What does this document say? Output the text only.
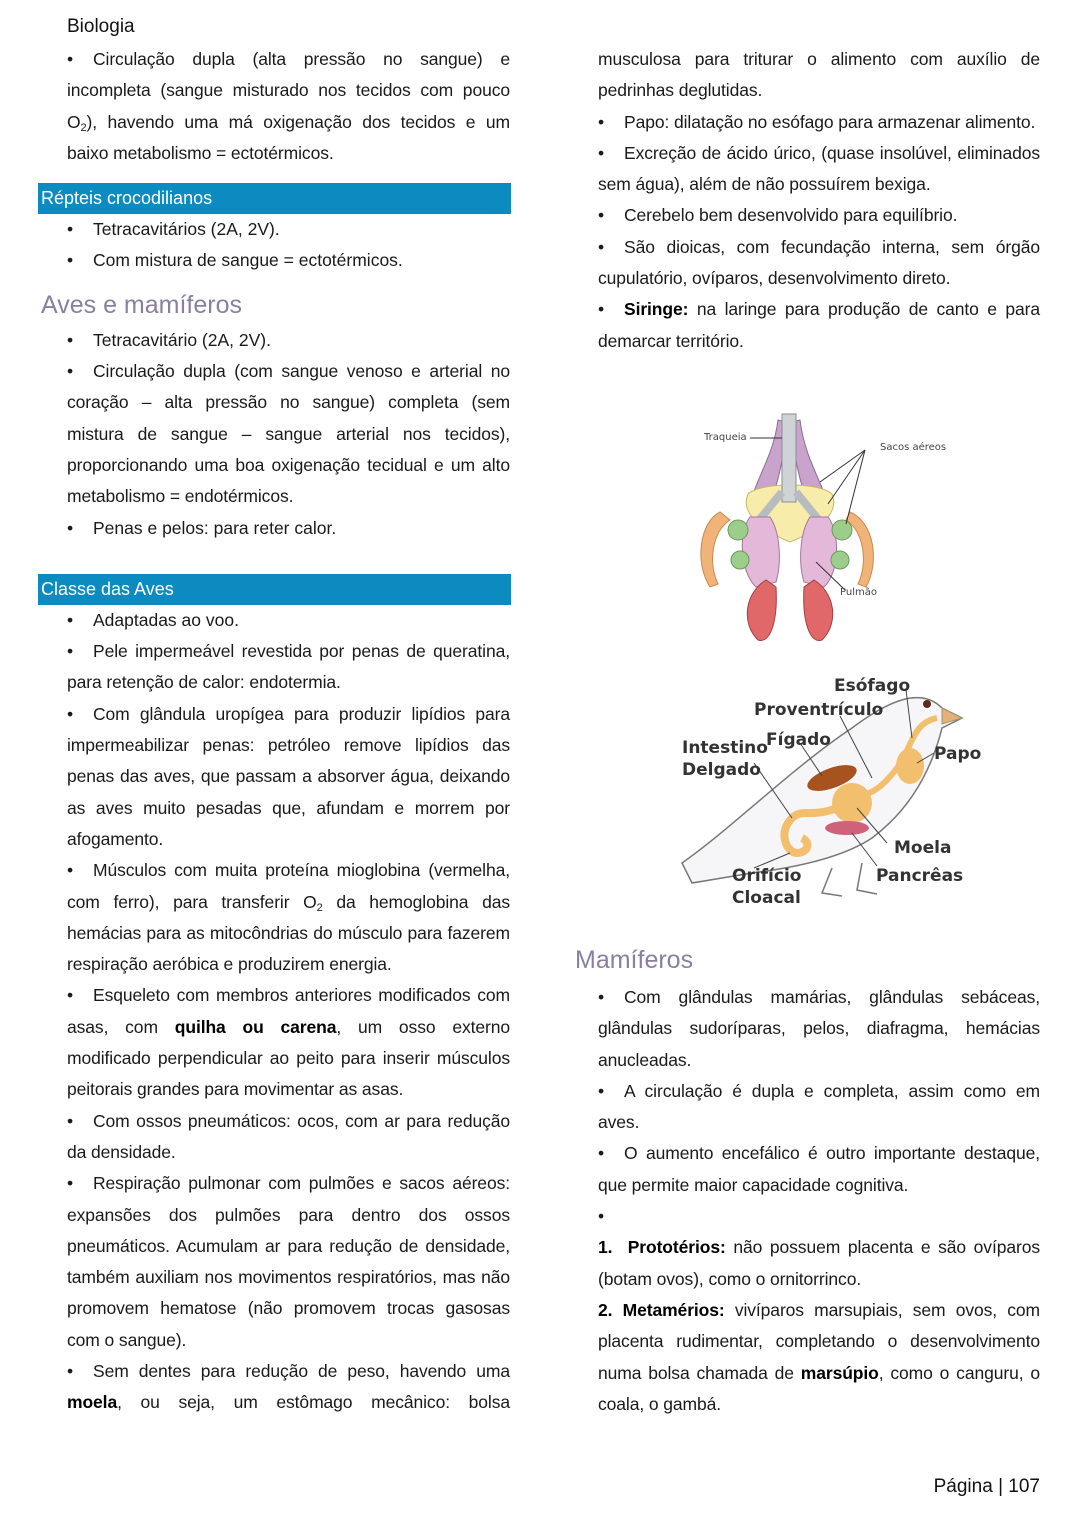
Biologia

• Circulação dupla (alta pressão no sangue) e incompleta (sangue misturado nos tecidos com pouco $O_2$), havendo uma má oxigenação dos tecidos e um baixo metabolismo = ectotérmicos.

Répteis crocodilianos

• Tetracavitários (2A, 2V).

• Com mistura de sangue = ectotérmicos.

Aves e mamíferos

• Tetracavitário (2A, 2V).

• Circulação dupla (com sangue venoso e arterial no coração – alta pressão no sangue) completa (sem mistura de sangue – sangue arterial nos tecidos), proporcionando uma boa oxigenação tecidual e um alto metabolismo = endotérmicos.

• Penas e pelos: para reter calor.

Classe das Aves

• Adaptadas ao voo.

• Pele impermeável revestida por penas de queratina, para retenção de calor: endotermia.

• Com glândula uropígea para produzir lipídios para impermeabilizar penas: petróleo remove lipídios das penas das aves, que passam a absorver água, deixando as aves muito pesadas que, afundam e morrem por afogamento.

• Músculos com muita proteína mioglobina (vermelha, com ferro), para transferir $O_2$ da hemoglobina das hemácias para as mitocôndrias do músculo para fazerem respiração aeróbica e produzirem energia.

• Esqueleto com membros anteriores modificados com asas, com quilha ou carena, um osso externo modificado perpendicular ao peito para inserir músculos peitorais grandes para movimentar as asas.

• Com ossos pneumáticos: ocos, com ar para redução da densidade.

• Respiração pulmonar com pulmões e sacos aéreos: expansões dos pulmões para dentro dos ossos pneumáticos. Acumulam ar para redução de densidade, também auxiliam nos movimentos respiratórios, mas não promovem hematose (não promovem trocas gasosas com o sangue).

• Sem dentes para redução de peso, havendo uma moela, ou seja, um estômago mecânico: bolsa

musculosa para triturar o alimento com auxílio de pedrinhas deglutidas.

• Papo: dilatação no esófago para armazenar alimento.

• Excreção de ácido úrico, (quase insolúvel, eliminados sem água), além de não possuírem bexiga.

• Cerebelo bem desenvolvido para equilíbrio.

• São dioicas, com fecundação interna, sem órgão cupulatório, ovíparos, desenvolvimento direto.

• Siringe: na laringe para produção de canto e para demarcar território.

Traqueia
Sacos aéreos
Pulmão
Esófago
Proventrículo
Fígado
Intestino
Delgado
Papo
Moela
Pancrêas
Orifício
Cloacal
Mamíferos

• Com glândulas mamárias, glândulas sebáceas, glândulas sudoríparas, pelos, diafragma, hemácias anucleadas.

• A circulação é dupla e completa, assim como em aves.

• O aumento encefálico é outro importante destaque, que permite maior capacidade cognitiva.

•

1. Prototérios: não possuem placenta e são ovíparos (botam ovos), como o ornitorrinco.

2. Metamérios: vivíparos marsupiais, sem ovos, com placenta rudimentar, completando o desenvolvimento numa bolsa chamada de marsúpio, como o canguru, o coala, o gambá.

Página | 107
